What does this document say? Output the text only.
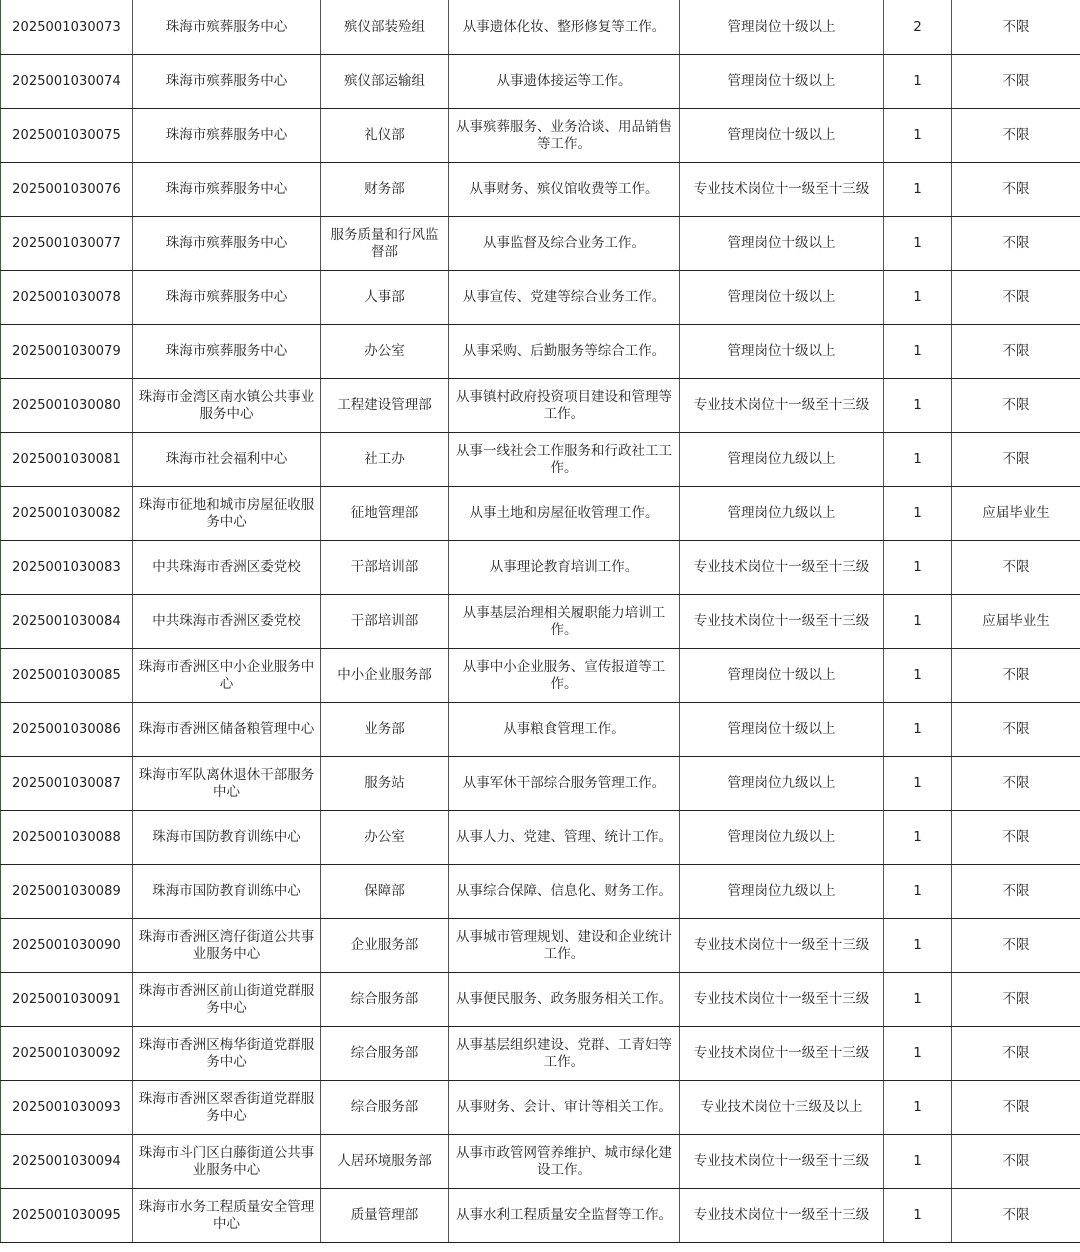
2025001030073	珠海市殡葬服务中心	殡仪部装殓组	从事遗体化妆、整形修复等工作。	管理岗位十级以上	2	不限
2025001030074	珠海市殡葬服务中心	殡仪部运输组	从事遗体接运等工作。	管理岗位十级以上	1	不限
2025001030075	珠海市殡葬服务中心	礼仪部	从事殡葬服务、业务洽谈、用品销售等工作。	管理岗位十级以上	1	不限
2025001030076	珠海市殡葬服务中心	财务部	从事财务、殡仪馆收费等工作。	专业技术岗位十一级至十三级	1	不限
2025001030077	珠海市殡葬服务中心	服务质量和行风监督部	从事监督及综合业务工作。	管理岗位十级以上	1	不限
2025001030078	珠海市殡葬服务中心	人事部	从事宣传、党建等综合业务工作。	管理岗位十级以上	1	不限
2025001030079	珠海市殡葬服务中心	办公室	从事采购、后勤服务等综合工作。	管理岗位十级以上	1	不限
2025001030080	珠海市金湾区南水镇公共事业服务中心	工程建设管理部	从事镇村政府投资项目建设和管理等工作。	专业技术岗位十一级至十三级	1	不限
2025001030081	珠海市社会福利中心	社工办	从事一线社会工作服务和行政社工工作。	管理岗位九级以上	1	不限
2025001030082	珠海市征地和城市房屋征收服务中心	征地管理部	从事土地和房屋征收管理工作。	管理岗位九级以上	1	应届毕业生
2025001030083	中共珠海市香洲区委党校	干部培训部	从事理论教育培训工作。	专业技术岗位十一级至十三级	1	不限
2025001030084	中共珠海市香洲区委党校	干部培训部	从事基层治理相关履职能力培训工作。	专业技术岗位十一级至十三级	1	应届毕业生
2025001030085	珠海市香洲区中小企业服务中心	中小企业服务部	从事中小企业服务、宣传报道等工作。	管理岗位十级以上	1	不限
2025001030086	珠海市香洲区储备粮管理中心	业务部	从事粮食管理工作。	管理岗位十级以上	1	不限
2025001030087	珠海市军队离休退休干部服务中心	服务站	从事军休干部综合服务管理工作。	管理岗位九级以上	1	不限
2025001030088	珠海市国防教育训练中心	办公室	从事人力、党建、管理、统计工作。	管理岗位九级以上	1	不限
2025001030089	珠海市国防教育训练中心	保障部	从事综合保障、信息化、财务工作。	管理岗位九级以上	1	不限
2025001030090	珠海市香洲区湾仔街道公共事业服务中心	企业服务部	从事城市管理规划、建设和企业统计工作。	专业技术岗位十一级至十三级	1	不限
2025001030091	珠海市香洲区前山街道党群服务中心	综合服务部	从事便民服务、政务服务相关工作。	专业技术岗位十一级至十三级	1	不限
2025001030092	珠海市香洲区梅华街道党群服务中心	综合服务部	从事基层组织建设、党群、工青妇等工作。	专业技术岗位十一级至十三级	1	不限
2025001030093	珠海市香洲区翠香街道党群服务中心	综合服务部	从事财务、会计、审计等相关工作。	专业技术岗位十三级及以上	1	不限
2025001030094	珠海市斗门区白藤街道公共事业服务中心	人居环境服务部	从事市政管网管养维护、城市绿化建设工作。	专业技术岗位十一级至十三级	1	不限
2025001030095	珠海市水务工程质量安全管理中心	质量管理部	从事水利工程质量安全监督等工作。	专业技术岗位十一级至十三级	1	不限
